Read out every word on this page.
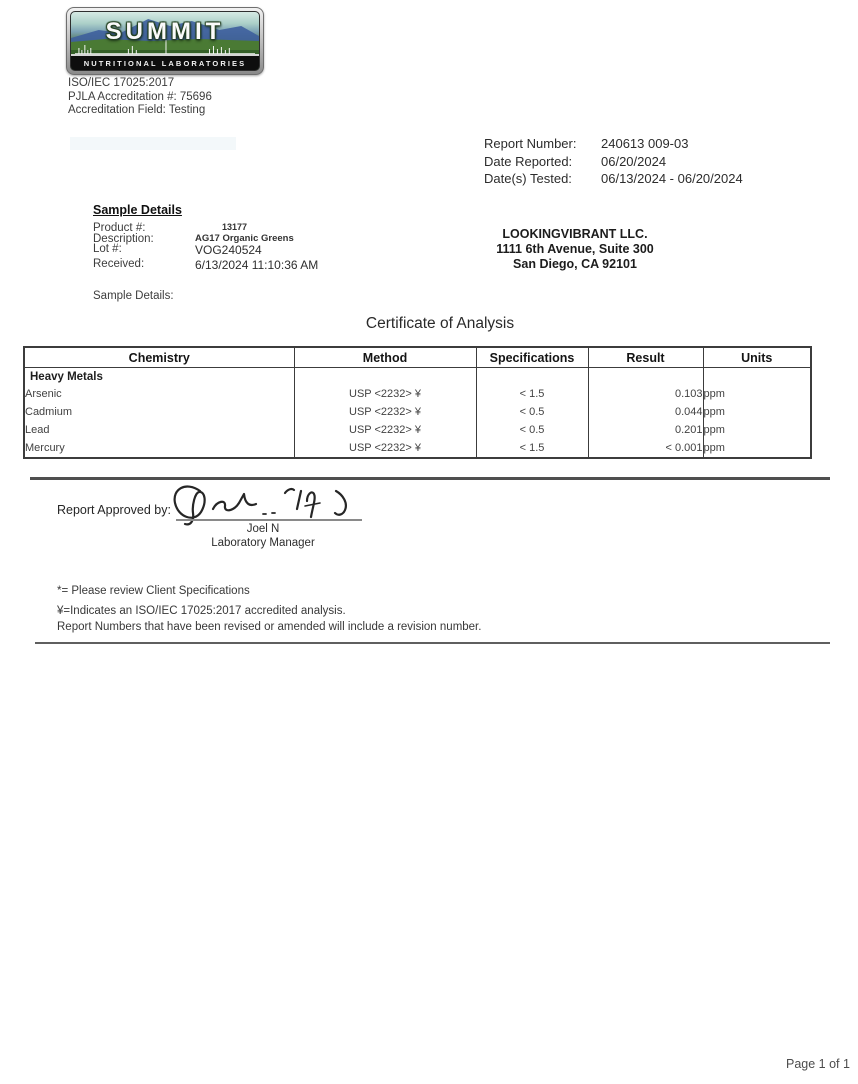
SUMMIT
NUTRITIONAL LABORATORIES
ISO/IEC 17025:2017
PJLA Accreditation #: 75696
Accreditation Field: Testing
Report Number:	240613 009-03
Date Reported:	06/20/2024
Date(s) Tested:	06/13/2024 - 06/20/2024
Sample Details
Product #:	13177
Description:	AG17 Organic Greens
Lot #:	VOG240524
Received:	6/13/2024 11:10:36 AM
Sample Details:
LOOKINGVIBRANT LLC.
1111 6th Avenue, Suite 300
San Diego, CA 92101
Certificate of Analysis
Chemistry	Method	Specifications	Result	Units
Heavy Metals				
Arsenic	USP <2232> ¥	< 1.5	0.103	ppm
Cadmium	USP <2232> ¥	< 0.5	0.044	ppm
Lead	USP <2232> ¥	< 0.5	0.201	ppm
Mercury	USP <2232> ¥	< 1.5	< 0.001	ppm
Report Approved by:
Joel N
Laboratory Manager
*= Please review Client Specifications
¥=Indicates an ISO/IEC 17025:2017 accredited analysis.
Report Numbers that have been revised or amended will include a revision number.
Page 1 of 1
